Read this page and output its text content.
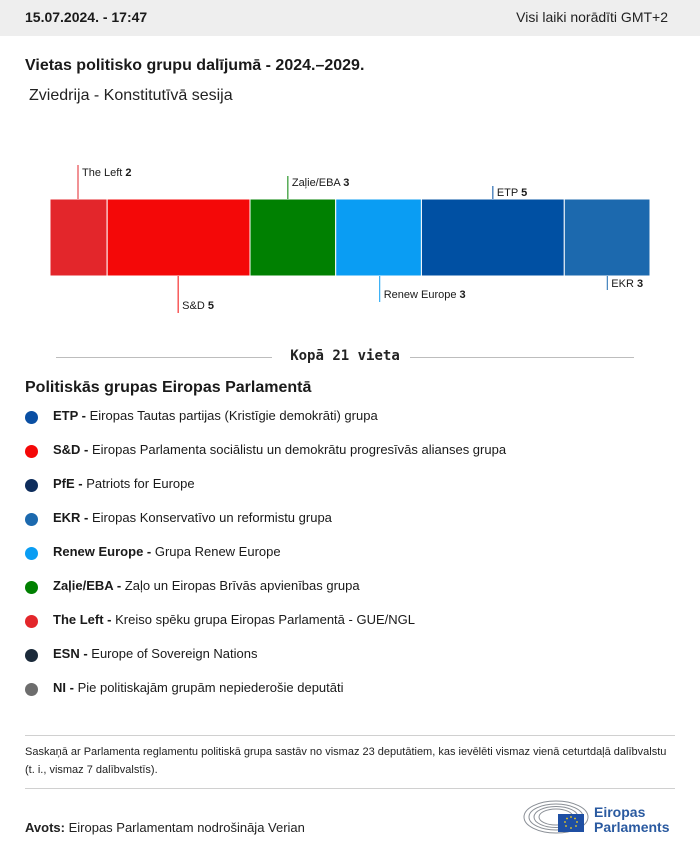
15.07.2024. - 17:47	Visi laiki norādīti GMT+2
Vietas politisko grupu dalījumā - 2024.–2029.
Zviedrija - Konstitutīvā sesija
The Left 2
S&D 5
Zaļie/EBA 3
Renew Europe 3
ETP 5
EKR 3
Kopā 21 vieta
Politiskās grupas Eiropas Parlamentā
ETP - Eiropas Tautas partijas (Kristīgie demokrāti) grupa
S&D - Eiropas Parlamenta sociālistu un demokrātu progresīvās alianses grupa
PfE - Patriots for Europe
EKR - Eiropas Konservatīvo un reformistu grupa
Renew Europe - Grupa Renew Europe
Zaļie/EBA - Zaļo un Eiropas Brīvās apvienības grupa
The Left - Kreiso spēku grupa Eiropas Parlamentā - GUE/NGL
ESN - Europe of Sovereign Nations
NI - Pie politiskajām grupām nepiederošie deputāti
Saskaņā ar Parlamenta reglamentu politiskā grupa sastāv no vismaz 23 deputātiem, kas ievēlēti vismaz vienā ceturtdaļā dalībvalstu (t. i., vismaz 7 dalībvalstīs).
Avots: Eiropas Parlamentam nodrošināja Verian
Eiropas
Parlaments
